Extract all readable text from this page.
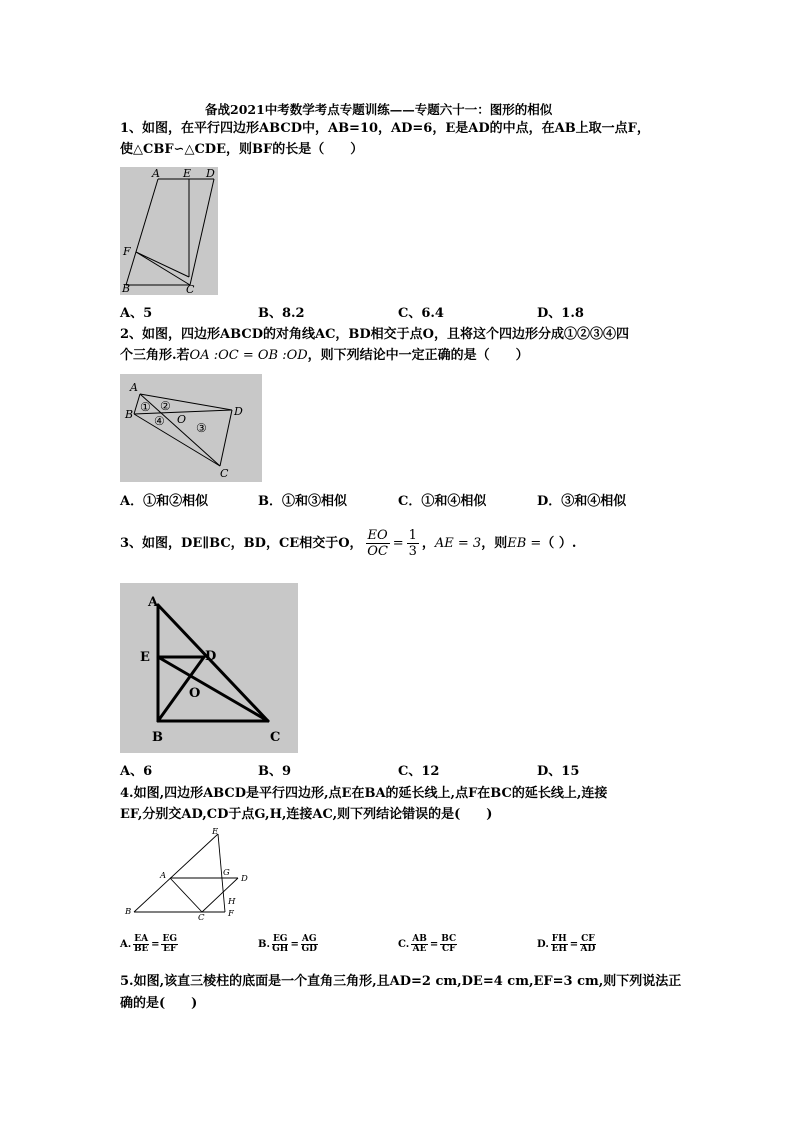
备战2021中考数学考点专题训练——专题六十一：图形的相似
1、如图，在平行四边形ABCD中，AB=10，AD=6，E是AD的中点，在AB上取一点F，
使△CBF∽△CDE，则BF的长是（　　）
A E D
F
B	C
A、5	B、8.2	C、6.4	D、1.8
2、如图，四边形ABCD的对角线AC，BD相交于点O，且将这个四边形分成①②③④四
个三角形.若OA :OC = OB :OD，则下列结论中一定正确的是（　　）
A
B	D
C
O
① ②
④	③
A．①和②相似	B．①和③相似	C．①和④相似	D．③和④相似
3、如图，DE∥BC，BD，CE相交于O， $\frac{EO}{OC} = \frac{1}{3}$ ，AE = 3，则EB =（ ）.
A
E	D
O
B	C
A、6	B、9	C、12	D、15
4.如图,四边形ABCD是平行四边形,点E在BA的延长线上,点F在BC的延长线上,连接
EF,分别交AD,CD于点G,H,连接AC,则下列结论错误的是(　　)
E
A	G
D
H
B
C	F
A. $\frac{EA}{BE} = \frac{EG}{EF}$	B. $\frac{EG}{GH} = \frac{AG}{GD}$	C. $\frac{AB}{AE} = \frac{BC}{CF}$	D. $\frac{FH}{EH} = \frac{CF}{AD}$
5.如图,该直三棱柱的底面是一个直角三角形,且AD=2 cm,DE=4 cm,EF=3 cm,则下列说法正
确的是(　　)
